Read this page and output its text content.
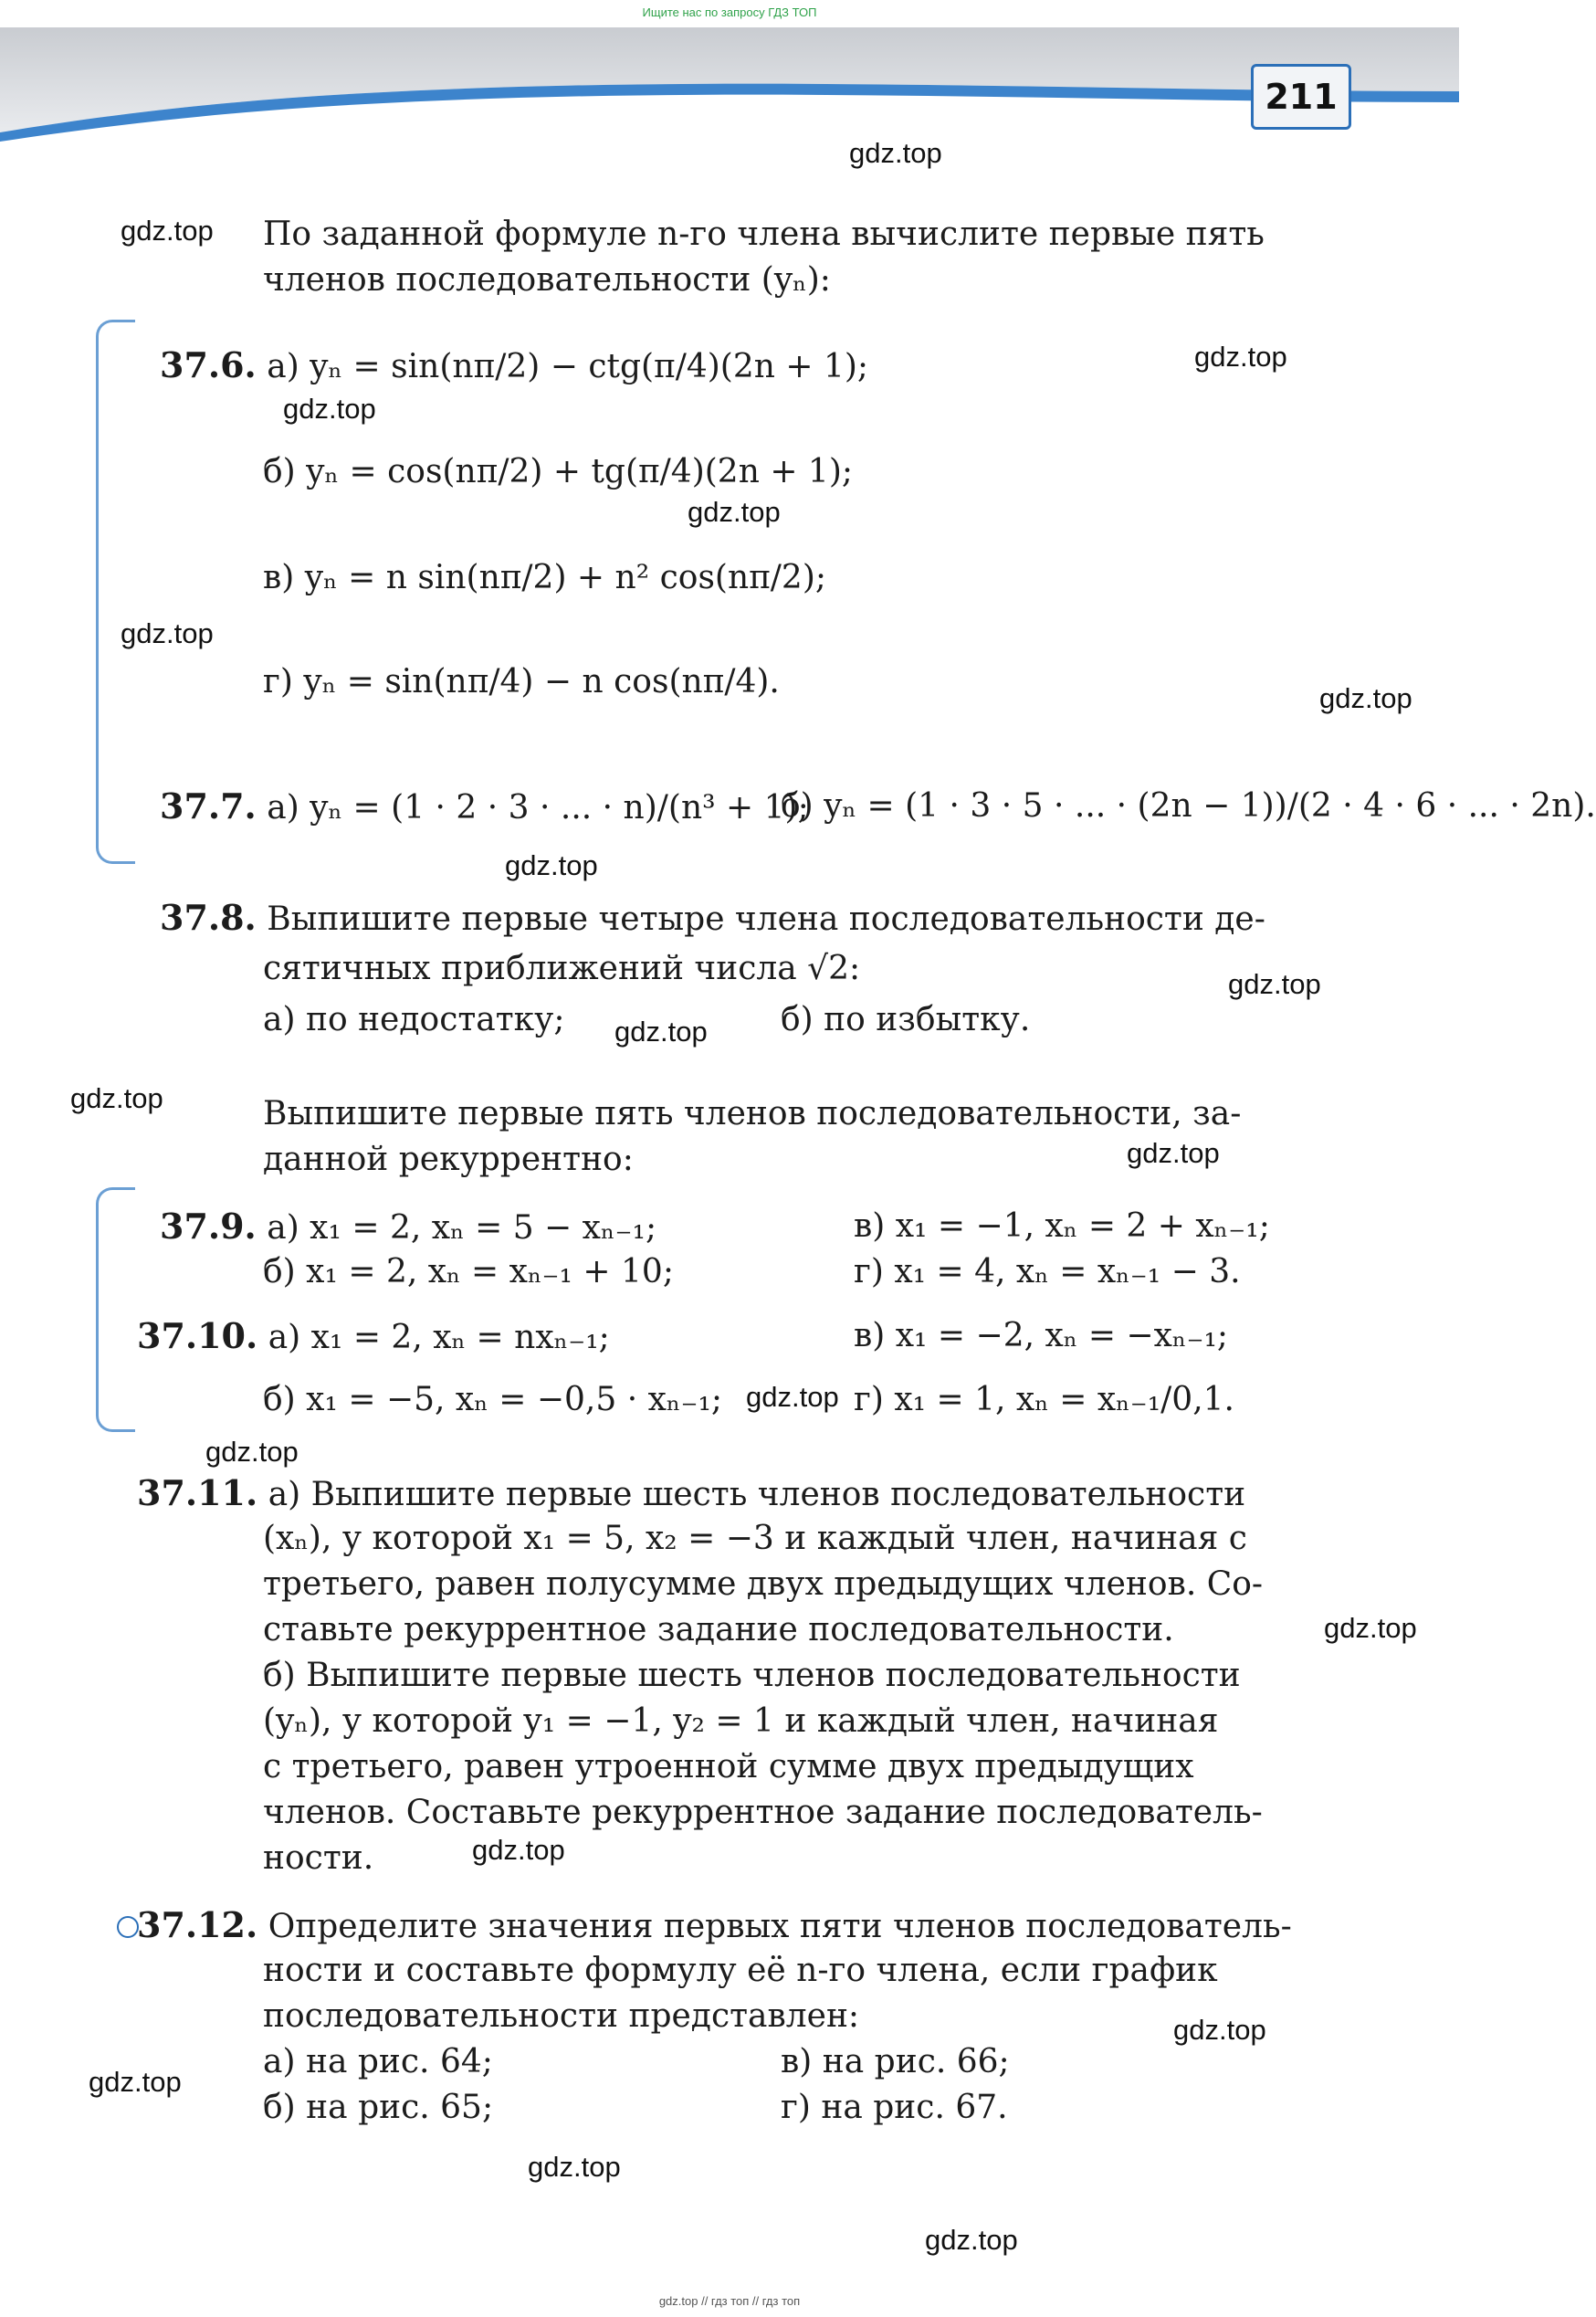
Ищите нас по запросу ГДЗ ТОП
211
gdz.top
gdz.top
gdz.top
gdz.top
gdz.top
gdz.top
gdz.top
gdz.top
gdz.top
gdz.top
gdz.top
gdz.top
gdz.top
gdz.top
gdz.top
gdz.top
gdz.top
gdz.top
gdz.top
gdz.top
По заданной формуле n-го члена вычислите первые пять
членов последовательности (yₙ):
37.6. а) yₙ = sin(nπ/2) − ctg(π/4)(2n + 1);
б) yₙ = cos(nπ/2) + tg(π/4)(2n + 1);
в) yₙ = n sin(nπ/2) + n² cos(nπ/2);
г) yₙ = sin(nπ/4) − n cos(nπ/4).
37.7. а) yₙ = (1 · 2 · 3 · ... · n)/(n³ + 1);
б) yₙ = (1 · 3 · 5 · ... · (2n − 1))/(2 · 4 · 6 · ... · 2n).
37.8. Выпишите первые четыре члена последовательности де-
сятичных приближений числа √2:
а) по недостатку;	б) по избытку.
Выпишите первые пять членов последовательности, за-
данной рекуррентно:
37.9. а) x₁ = 2, xₙ = 5 − xₙ₋₁;	в) x₁ = −1, xₙ = 2 + xₙ₋₁;
б) x₁ = 2, xₙ = xₙ₋₁ + 10;	г) x₁ = 4, xₙ = xₙ₋₁ − 3.
37.10. а) x₁ = 2, xₙ = nxₙ₋₁;	в) x₁ = −2, xₙ = −xₙ₋₁;
б) x₁ = −5, xₙ = −0,5 · xₙ₋₁;	г) x₁ = 1, xₙ = xₙ₋₁/0,1.
37.11. а) Выпишите первые шесть членов последовательности
(xₙ), у которой x₁ = 5, x₂ = −3 и каждый член, начиная с
третьего, равен полусумме двух предыдущих членов. Со-
ставьте рекуррентное задание последовательности.
б) Выпишите первые шесть членов последовательности
(yₙ), у которой y₁ = −1, y₂ = 1 и каждый член, начиная
с третьего, равен утроенной сумме двух предыдущих
членов. Составьте рекуррентное задание последователь-
ности.
37.12. Определите значения первых пяти членов последователь-
ности и составьте формулу её n-го члена, если график
последовательности представлен:
а) на рис. 64;	в) на рис. 66;
б) на рис. 65;	г) на рис. 67.
gdz.top // гдз топ // гдз топ
